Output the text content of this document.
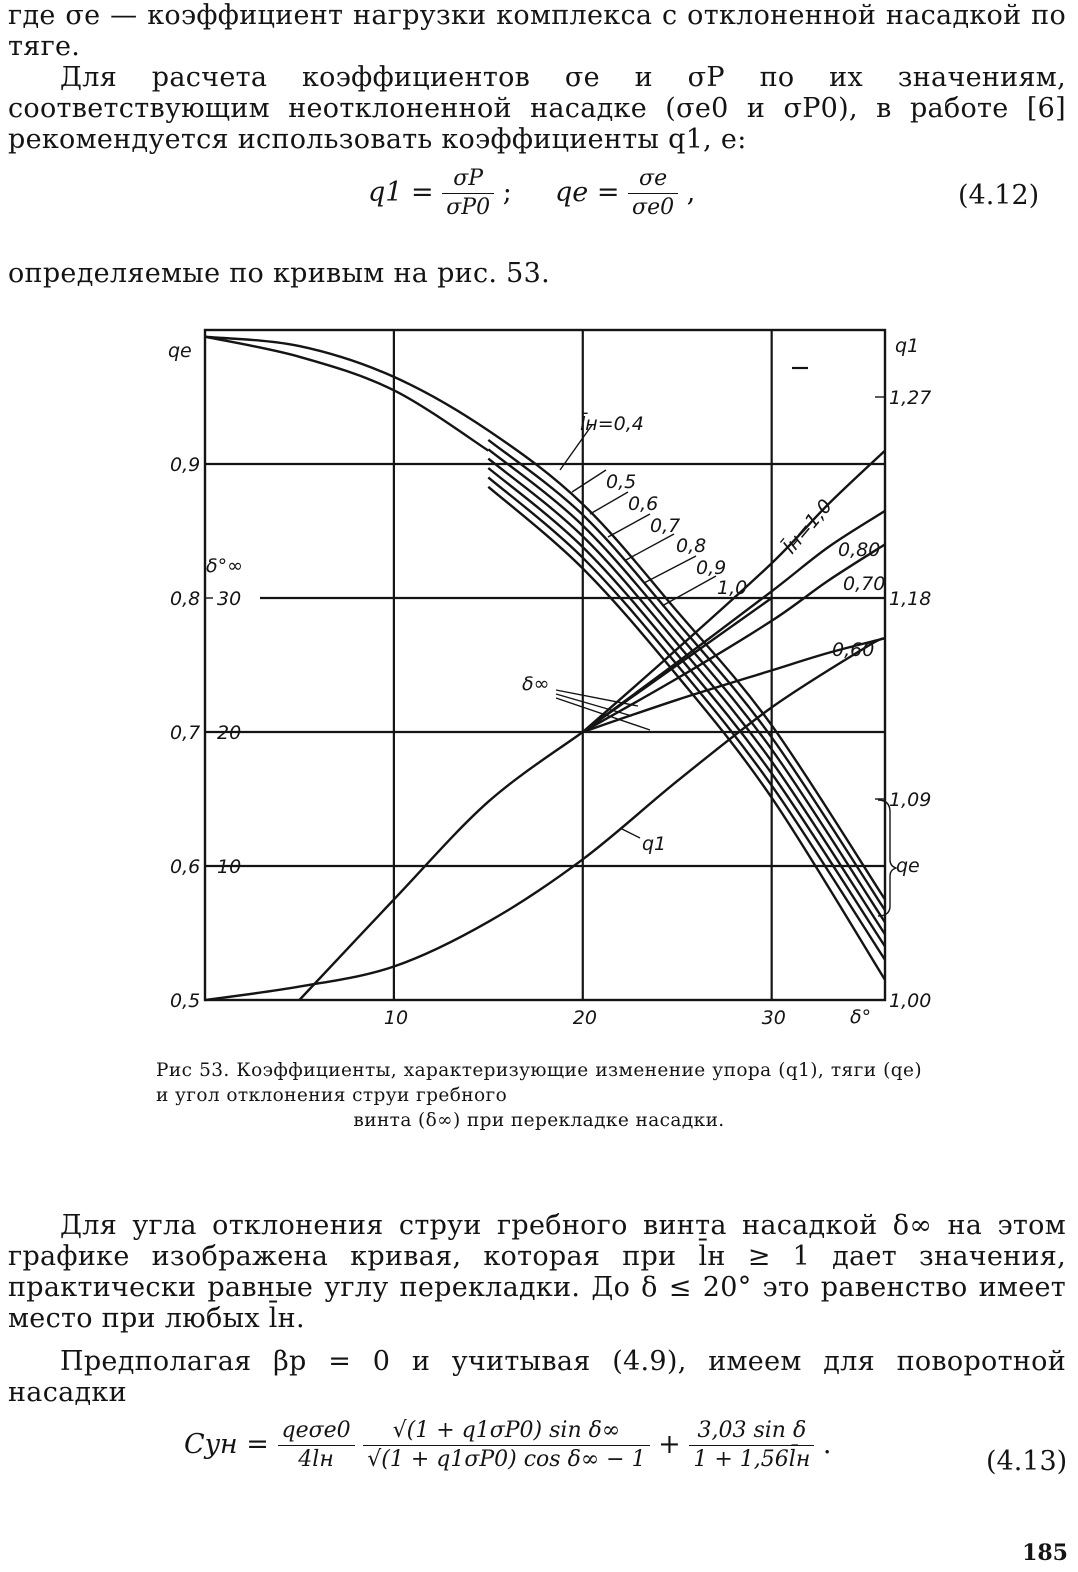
где σe — коэффициент нагрузки комплекса с отклоненной насадкой по тяге.

Для расчета коэффициентов σe и σP по их значениям, соответствующим неотклоненной насадке (σe0 и σP0), в работе [6] рекомендуется использовать коэффициенты q1, e:

$q1 = \frac{\sigma P}{\sigma P0}$ ; qe = $\frac{\sigma e}{\sigma e0}$ ,	(4.12)

определяемые по кривым на рис. 53.

qe	q1
δ°∞
δ°
l̄н=0,4
0,5
0,6
0,7
0,8
0,9
1,0
l̄н=1,0 0,80
0,70
0,60
δ∞
q1
qe
0,9
0,8
0,7
0,6
0,5
10	20	30
30
20
10
1,27
1,18
1,09
1,00
Рис 53. Коэффициенты, характеризующие изменение упора (q1), тяги (qe) и угол отклонения струи гребного
винта (δ∞) при перекладке насадки.

Для угла отклонения струи гребного винта насадкой δ∞ на этом графике изображена кривая, которая при l̄н ≥ 1 дает значения, практически равные углу перекладки. До δ ≤ 20° это равенство имеет место при любых l̄н.

Предполагая βр = 0 и учитывая (4.9), имеем для поворотной насадки

Cyн = $\frac{\text{qeσe0}}{4lн}$
$\frac{\text{√(1 + q1σP0) sin δ∞}}{\text{√(1 + q1σP0) cos δ∞ − 1}} + \frac{\text{3,03 sin δ}}{1 + 1,56l̄н}$ .
(4.13)
185
